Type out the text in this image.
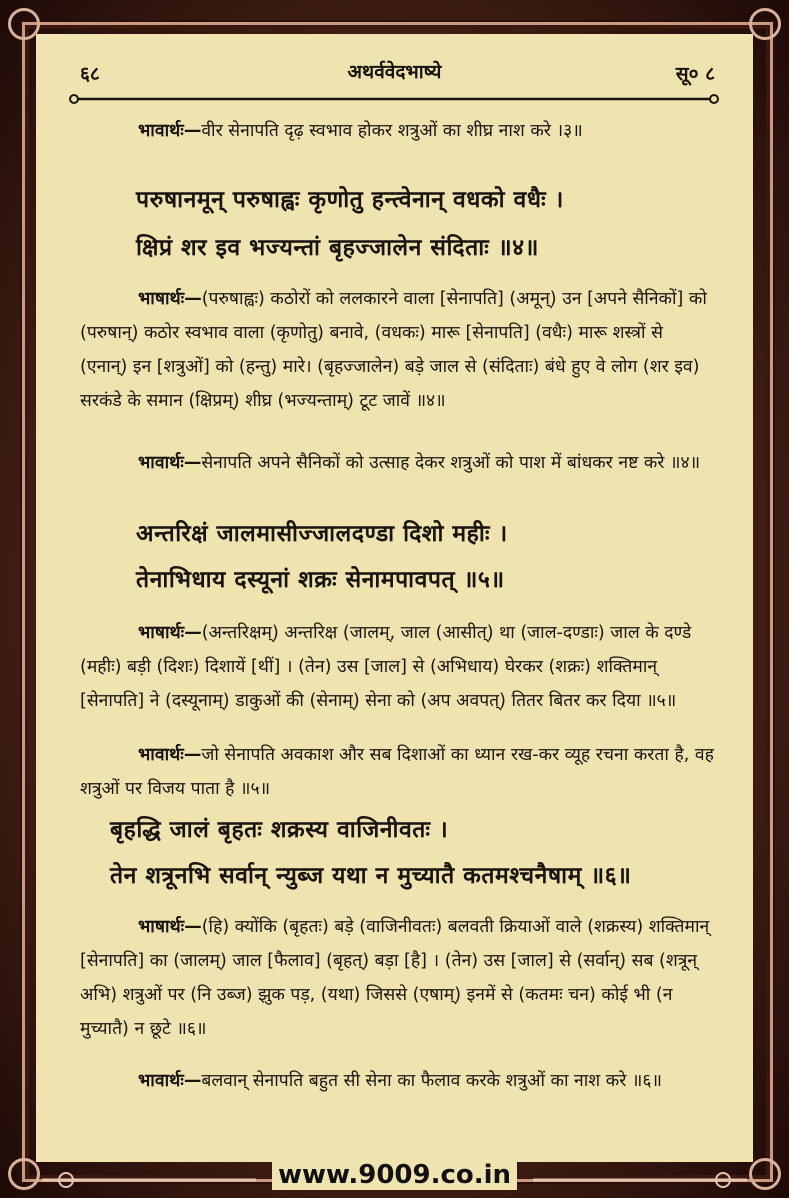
६८	अथर्ववेदभाष्ये	सू० ८
भावार्थः—वीर सेनापति दृढ़ स्वभाव होकर शत्रुओं का शीघ्र नाश करे ।३॥
परुषानमून् परुषाह्वः कृणोतु हन्त्वेनान् वधको वधैः ।
क्षिप्रं शर इव भज्यन्तां बृहज्जालेन संदिताः ॥४॥
भाषार्थः—(परुषाह्वः) कठोरों को ललकारने वाला [सेनापति] (अमून्) उन [अपने सैनिकों] को (परुषान्) कठोर स्वभाव वाला (कृणोतु) बनावे, (वधकः) मारू [सेनापति] (वधैः) मारू शस्त्रों से (एनान्) इन [शत्रुओं] को (हन्तु) मारे। (बृहज्जालेन) बड़े जाल से (संदिताः) बंधे हुए वे लोग (शर इव) सरकंडे के समान (क्षिप्रम्) शीघ्र (भज्यन्ताम्) टूट जावें ॥४॥
भावार्थः—सेनापति अपने सैनिकों को उत्साह देकर शत्रुओं को पाश में बांधकर नष्ट करे ॥४॥
अन्तरिक्षं जालमासीज्जालदण्डा दिशो महीः ।
तेनाभिधाय दस्यूनां शक्रः सेनामपावपत् ॥५॥
भाषार्थः—(अन्तरिक्षम्) अन्तरिक्ष (जालम्, जाल (आसीत्) था (जाल-दण्डाः) जाल के दण्डे (महीः) बड़ी (दिशः) दिशायें [थीं] । (तेन) उस [जाल] से (अभिधाय) घेरकर (शक्रः) शक्तिमान् [सेनापति] ने (दस्यूनाम्) डाकुओं की (सेनाम्) सेना को (अप अवपत्) तितर बितर कर दिया ॥५॥
भावार्थः—जो सेनापति अवकाश और सब दिशाओं का ध्यान रख-कर व्यूह रचना करता है, वह शत्रुओं पर विजय पाता है ॥५॥
बृहद्धि जालं बृहतः शक्रस्य वाजिनीवतः ।
तेन शत्रूनभि सर्वान् न्युब्ज यथा न मुच्यातै कतमश्चनैषाम् ॥६॥
भाषार्थः—(हि) क्योंकि (बृहतः) बड़े (वाजिनीवतः) बलवती क्रियाओं वाले (शक्रस्य) शक्तिमान् [सेनापति] का (जालम्) जाल [फैलाव] (बृहत्) बड़ा [है] । (तेन) उस [जाल] से (सर्वान्) सब (शत्रून् अभि) शत्रुओं पर (नि उब्ज) झुक पड़, (यथा) जिससे (एषाम्) इनमें से (कतमः चन) कोई भी (न मुच्यातै) न छूटे ॥६॥
भावार्थः—बलवान् सेनापति बहुत सी सेना का फैलाव करके शत्रुओं का नाश करे ॥६॥
www.9009.co.in
